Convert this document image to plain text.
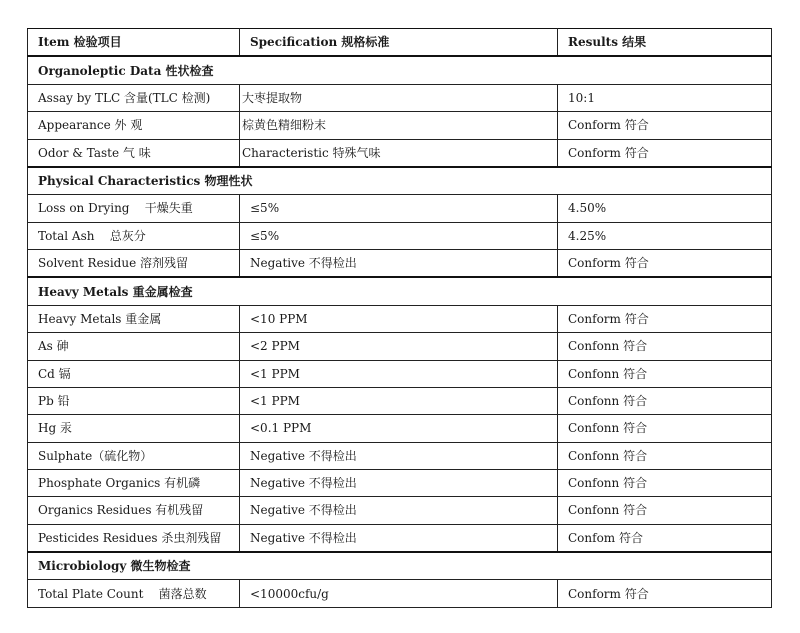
Item 检验项目	Specification 规格标准	Results 结果
Organoleptic Data 性状检查		
Assay by TLC 含量(TLC 检测)	大枣提取物	10:1
Appearance 外 观	棕黄色精细粉末	Conform 符合
Odor & Taste 气 味	Characteristic 特殊气味	Conform 符合
Physical Characteristics 物理性状		
Loss on Drying    干燥失重	≤5%	4.50%
Total Ash    总灰分	≤5%	4.25%
Solvent Residue 溶剂残留	Negative 不得检出	Conform 符合
Heavy Metals 重金属检查		
Heavy Metals 重金属	<10 PPM	Conform 符合
As 砷	<2 PPM	Confonn 符合
Cd 镉	<1 PPM	Confonn 符合
Pb 铅	<1 PPM	Confonn 符合
Hg 汞	<0.1 PPM	Confonn 符合
Sulphate（硫化物）	Negative 不得检出	Confonn 符合
Phosphate Organics 有机磷	Negative 不得检出	Confonn 符合
Organics Residues 有机残留	Negative 不得检出	Confonn 符合
Pesticides Residues 杀虫剂残留	Negative 不得检出	Confom 符合
Microbiology 微生物检查		
Total Plate Count    菌落总数	<10000cfu/g	Conform 符合
